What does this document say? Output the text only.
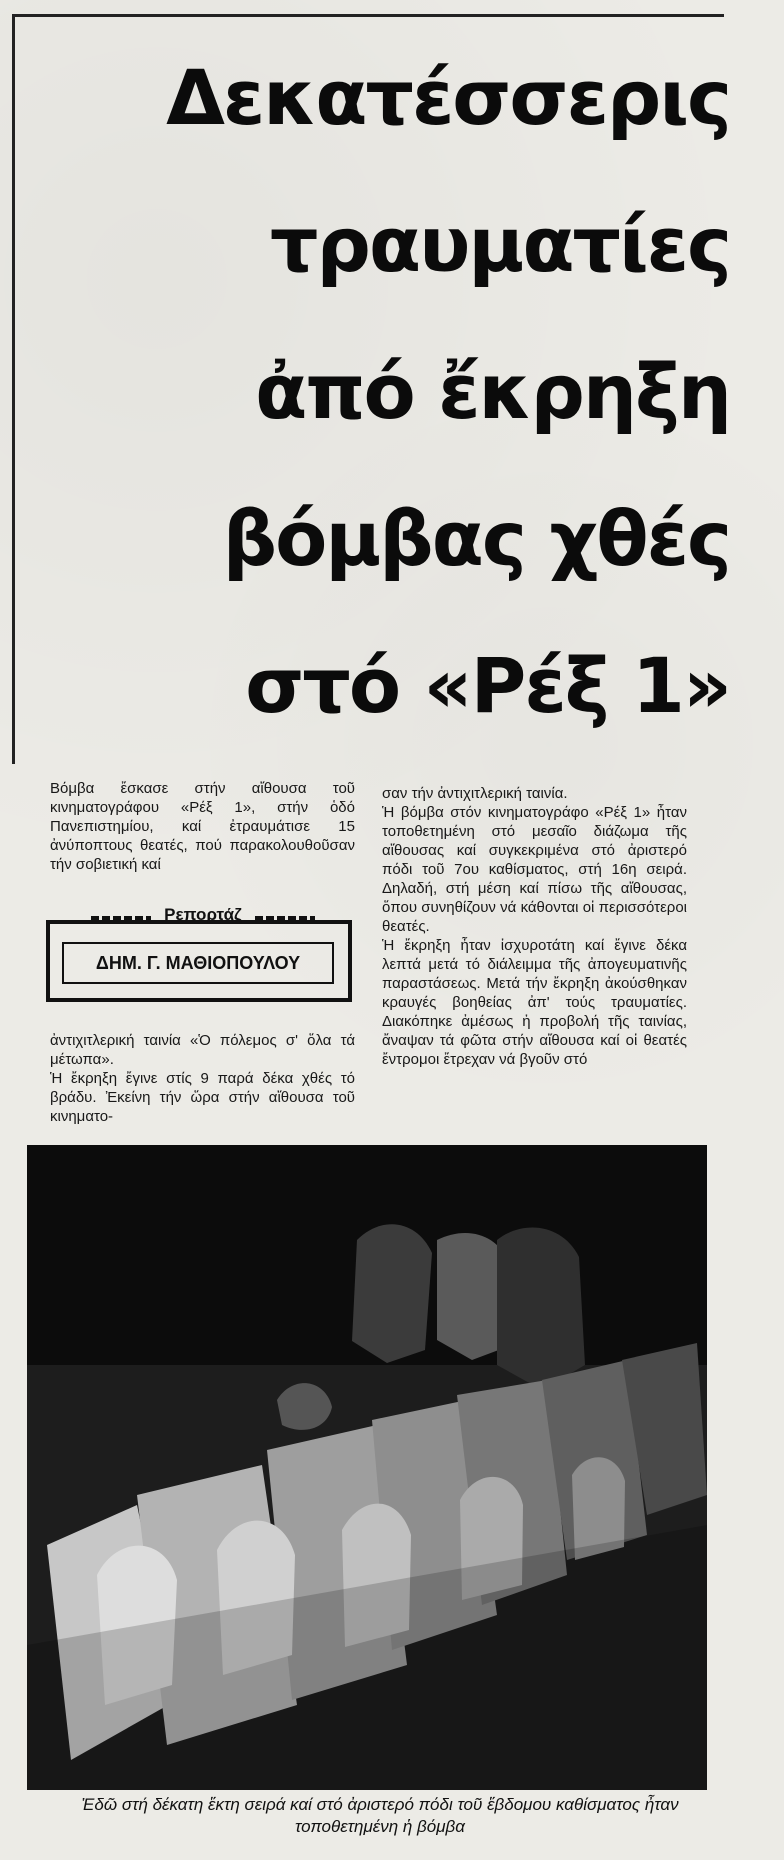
Δεκατέσσερις
τραυματίες
ἀπό ἔκρηξη
βόμβας χθές
στό «Ρέξ 1»

Βόμβα ἔσκασε στήν αἴθουσα τοῦ κινηματογράφου «Ρέξ 1», στήν ὁδό Πανεπιστημίου, καί ἐτραυμάτισε 15 ἀνύποπτους θεατές, πού παρακολουθοῦσαν τήν σοβιετική καί

Ρεπορτάζ
ΔΗΜ. Γ. ΜΑΘΙΟΠΟΥΛΟΥ

ἀντιχιτλερική ταινία «Ὁ πόλεμος σ' ὅλα τά μέτωπα».

Ἡ ἔκρηξη ἔγινε στίς 9 παρά δέκα χθές τό βράδυ. Ἐκείνη τήν ὥρα στήν αἴθουσα τοῦ κινηματο-

σαν τήν ἀντιχιτλερική ταινία.

Ἡ βόμβα στόν κινηματογράφο «Ρέξ 1» ἦταν τοποθετημένη στό μεσαῖο διάζωμα τῆς αἴθουσας καί συγκεκριμένα στό ἀριστερό πόδι τοῦ 7ου καθίσματος, στή 16η σειρά. Δηλαδή, στή μέση καί πίσω τῆς αἴθουσας, ὅπου συνηθίζουν νά κάθονται οἱ περισσότεροι θεατές.

Ἡ ἔκρηξη ἦταν ἰσχυροτάτη καί ἔγινε δέκα λεπτά μετά τό διάλειμμα τῆς ἀπογευματινῆς παραστάσεως. Μετά τήν ἔκρηξη ἀκούσθηκαν κραυγές βοηθείας ἀπ' τούς τραυματίες. Διακόπηκε ἀμέσως ἡ προβολή τῆς ταινίας, ἄναψαν τά φῶτα στήν αἴθουσα καί οἱ θεατές ἔντρομοι ἔτρεχαν νά βγοῦν στό

Ἐδῶ στή δέκατη ἕκτη σειρά καί στό ἀριστερό πόδι τοῦ ἕβδομου καθίσματος ἦταν τοποθετημένη ἡ βόμβα
